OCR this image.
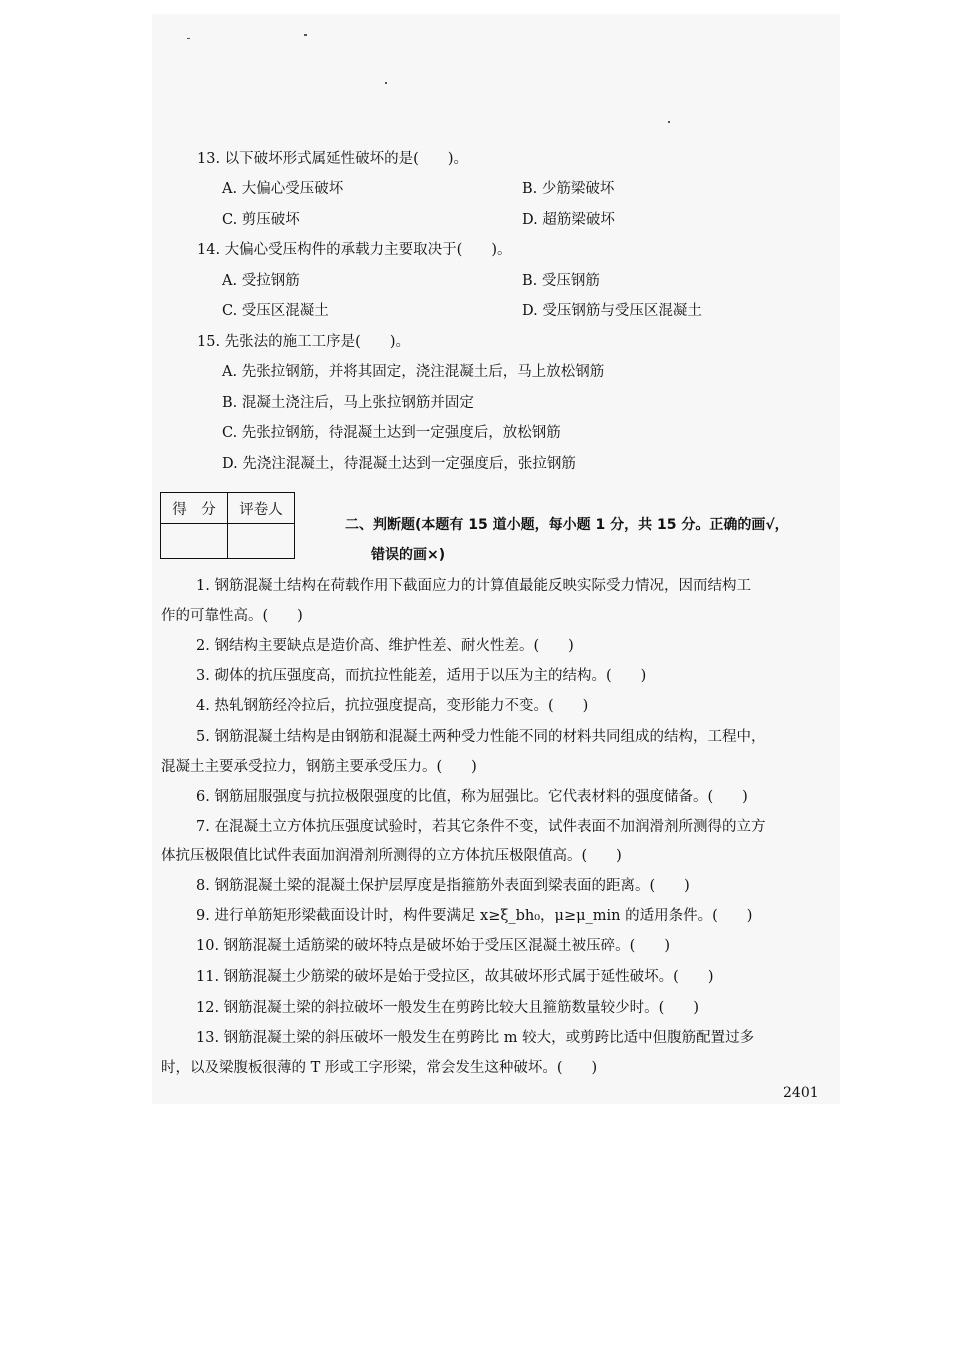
13. 以下破坏形式属延性破坏的是(　　)。
A. 大偏心受压破坏	B. 少筋梁破坏
C. 剪压破坏	D. 超筋梁破坏
14. 大偏心受压构件的承载力主要取决于(　　)。
A. 受拉钢筋	B. 受压钢筋
C. 受压区混凝土	D. 受压钢筋与受压区混凝土
15. 先张法的施工工序是(　　)。
A. 先张拉钢筋，并将其固定，浇注混凝土后，马上放松钢筋
B. 混凝土浇注后，马上张拉钢筋并固定
C. 先张拉钢筋，待混凝土达到一定强度后，放松钢筋
D. 先浇注混凝土，待混凝土达到一定强度后，张拉钢筋
得　分	评卷人

二、判断题(本题有 15 道小题，每小题 1 分，共 15 分。正确的画√，
错误的画×)
1. 钢筋混凝土结构在荷载作用下截面应力的计算值最能反映实际受力情况，因而结构工
作的可靠性高。(　　)
2. 钢结构主要缺点是造价高、维护性差、耐火性差。(　　)
3. 砌体的抗压强度高，而抗拉性能差，适用于以压为主的结构。(　　)
4. 热轧钢筋经冷拉后，抗拉强度提高，变形能力不变。(　　)
5. 钢筋混凝土结构是由钢筋和混凝土两种受力性能不同的材料共同组成的结构，工程中，
混凝土主要承受拉力，钢筋主要承受压力。(　　)
6. 钢筋屈服强度与抗拉极限强度的比值，称为屈强比。它代表材料的强度储备。(　　)
7. 在混凝土立方体抗压强度试验时，若其它条件不变，试件表面不加润滑剂所测得的立方
体抗压极限值比试件表面加润滑剂所测得的立方体抗压极限值高。(　　)
8. 钢筋混凝土梁的混凝土保护层厚度是指箍筋外表面到梁表面的距离。(　　)
9. 进行单筋矩形梁截面设计时，构件要满足 x≥ξ_bh₀，μ≥μ_min 的适用条件。(　　)
10. 钢筋混凝土适筋梁的破坏特点是破坏始于受压区混凝土被压碎。(　　)
11. 钢筋混凝土少筋梁的破坏是始于受拉区，故其破坏形式属于延性破坏。(　　)
12. 钢筋混凝土梁的斜拉破坏一般发生在剪跨比较大且箍筋数量较少时。(　　)
13. 钢筋混凝土梁的斜压破坏一般发生在剪跨比 m 较大，或剪跨比适中但腹筋配置过多
时，以及梁腹板很薄的 T 形或工字形梁，常会发生这种破坏。(　　)
2401
